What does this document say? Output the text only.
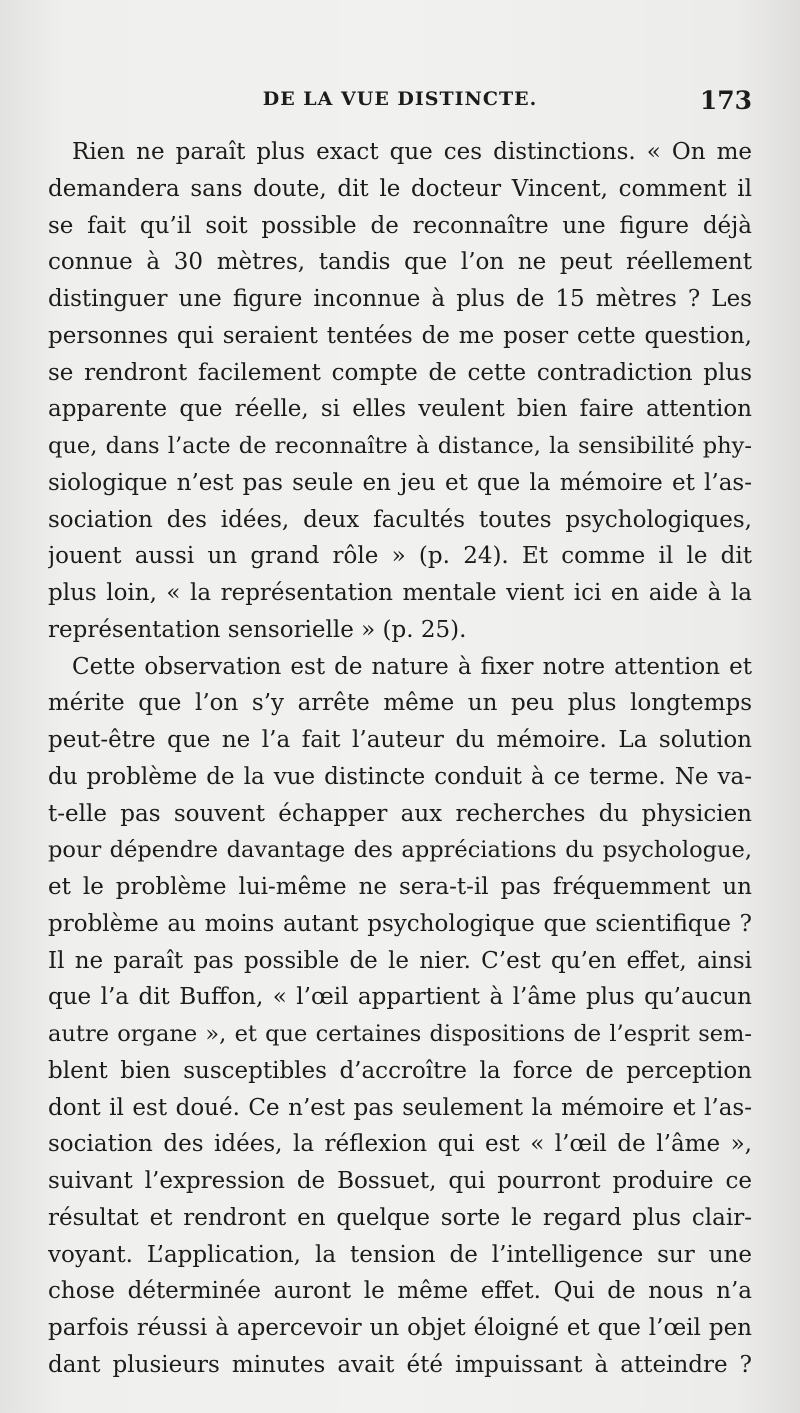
DE LA VUE DISTINCTE.	173
Rien ne paraît plus exact que ces distinctions. « On me
demandera sans doute, dit le docteur Vincent, comment il
se fait qu’il soit possible de reconnaître une figure déjà
connue à 30 mètres, tandis que l’on ne peut réellement
distinguer une figure inconnue à plus de 15 mètres ? Les
personnes qui seraient tentées de me poser cette question,
se rendront facilement compte de cette contradiction plus
apparente que réelle, si elles veulent bien faire attention
que, dans l’acte de reconnaître à distance, la sensibilité phy-
siologique n’est pas seule en jeu et que la mémoire et l’as-
sociation des idées, deux facultés toutes psychologiques,
jouent aussi un grand rôle » (p. 24). Et comme il le dit
plus loin, « la représentation mentale vient ici en aide à la
représentation sensorielle » (p. 25).
Cette observation est de nature à fixer notre attention et
mérite que l’on s’y arrête même un peu plus longtemps
peut-être que ne l’a fait l’auteur du mémoire. La solution
du problème de la vue distincte conduit à ce terme. Ne va-
t-elle pas souvent échapper aux recherches du physicien
pour dépendre davantage des appréciations du psychologue,
et le problème lui-même ne sera-t-il pas fréquemment un
problème au moins autant psychologique que scientifique ?
Il ne paraît pas possible de le nier. C’est qu’en effet, ainsi
que l’a dit Buffon, « l’œil appartient à l’âme plus qu’aucun
autre organe », et que certaines dispositions de l’esprit sem-
blent bien susceptibles d’accroître la force de perception
dont il est doué. Ce n’est pas seulement la mémoire et l’as-
sociation des idées, la réflexion qui est « l’œil de l’âme »,
suivant l’expression de Bossuet, qui pourront produire ce
résultat et rendront en quelque sorte le regard plus clair-
voyant. L’application, la tension de l’intelligence sur une
chose déterminée auront le même effet. Qui de nous n’a
parfois réussi à apercevoir un objet éloigné et que l’œil pen
dant plusieurs minutes avait été impuissant à atteindre ?
